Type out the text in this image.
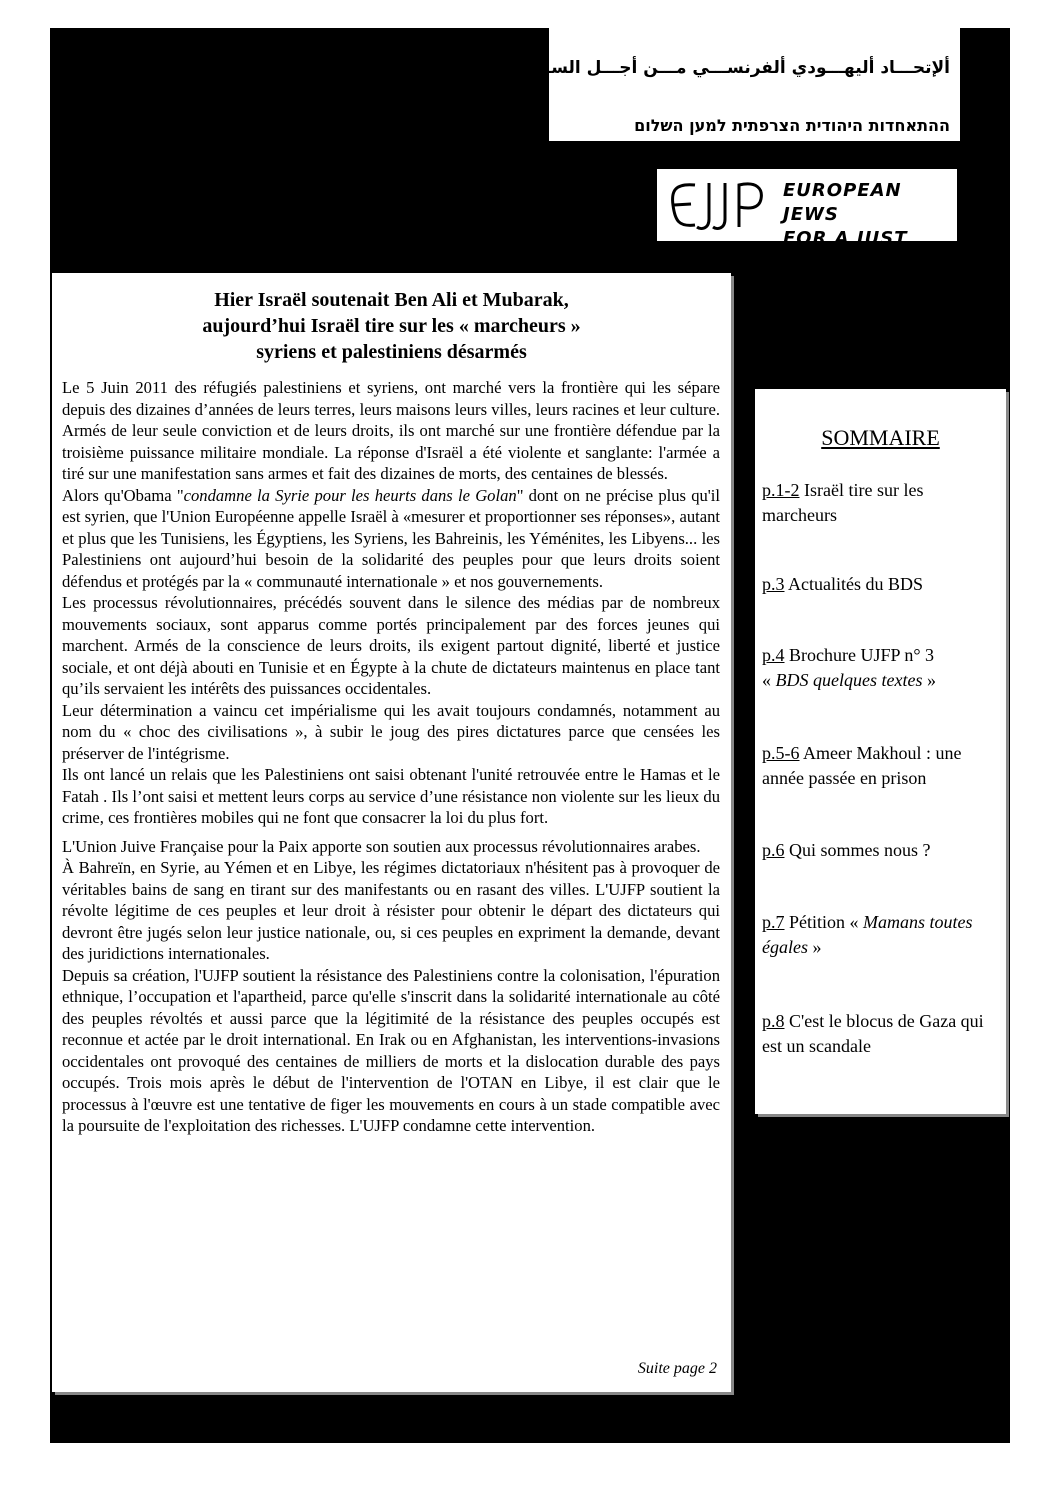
ألإتحـــاد أليهـــودي ألفرنســـي مـــن أجـــل الســـلام
ההתאחדות היהודית הצרפתית למען השלום
EUROPEAN JEWS
FOR A JUST PEACE
Hier Israël soutenait Ben Ali et Mubarak,
aujourd’hui Israël tire sur les « marcheurs »
syriens et palestiniens désarmés

Le 5 Juin 2011 des réfugiés palestiniens et syriens, ont marché vers la frontière qui les sépare depuis des dizaines d’années de leurs terres, leurs maisons leurs villes, leurs racines et leur culture. Armés de leur seule conviction et de leurs droits, ils ont marché sur une frontière défendue par la troisième puissance militaire mondiale. La réponse d'Israël a été violente et sanglante: l'armée a tiré sur une manifestation sans armes et fait des dizaines de morts, des centaines de blessés.

Alors qu'Obama "condamne la Syrie pour les heurts dans le Golan" dont on ne précise plus qu'il est syrien, que l'Union Européenne appelle Israël à «mesurer et proportionner ses réponses», autant et plus que les Tunisiens, les Égyptiens, les Syriens, les Bahreinis, les Yéménites, les Libyens... les Palestiniens ont aujourd’hui besoin de la solidarité des peuples pour que leurs droits soient défendus et protégés par la « communauté internationale » et nos gouvernements.

Les processus révolutionnaires, précédés souvent dans le silence des médias par de nombreux mouvements sociaux, sont apparus comme portés principalement par des forces jeunes qui marchent. Armés de la conscience de leurs droits, ils exigent partout dignité, liberté et justice sociale, et ont déjà abouti en Tunisie et en Égypte à la chute de dictateurs maintenus en place tant qu’ils servaient les intérêts des puissances occidentales.

Leur détermination a vaincu cet impérialisme qui les avait toujours condamnés, notamment au nom du « choc des civilisations », à subir le joug des pires dictatures parce que censées les préserver de l'intégrisme.

Ils ont lancé un relais que les Palestiniens ont saisi obtenant l'unité retrouvée entre le Hamas et le Fatah . Ils l’ont saisi et mettent leurs corps au service d’une résistance non violente sur les lieux du crime, ces frontières mobiles qui ne font que consacrer la loi du plus fort.

L'Union Juive Française pour la Paix apporte son soutien aux processus révolutionnaires arabes.

À Bahreïn, en Syrie, au Yémen et en Libye, les régimes dictatoriaux n'hésitent pas à provoquer de véritables bains de sang en tirant sur des manifestants ou en rasant des villes. L'UJFP soutient la révolte légitime de ces peuples et leur droit à résister pour obtenir le départ des dictateurs qui devront être jugés selon leur justice nationale, ou, si ces peuples en expriment la demande, devant des juridictions internationales.

Depuis sa création, l'UJFP soutient la résistance des Palestiniens contre la colonisation, l'épuration ethnique, l’occupation et l'apartheid, parce qu'elle s'inscrit dans la solidarité internationale au côté des peuples révoltés et aussi parce que la légitimité de la résistance des peuples occupés est reconnue et actée par le droit international. En Irak ou en Afghanistan, les interventions-invasions occidentales ont provoqué des centaines de milliers de morts et la dislocation durable des pays occupés. Trois mois après le début de l'intervention de l'OTAN en Libye, il est clair que le processus à l'œuvre est une tentative de figer les mouvements en cours à un stade compatible avec la poursuite de l'exploitation des richesses. L'UJFP condamne cette intervention.

Suite page 2
SOMMAIRE
p.1-2 Israël tire sur les marcheurs
p.3 Actualités du BDS
p.4 Brochure UJFP n° 3
« BDS quelques textes »
p.5-6 Ameer Makhoul : une année passée en prison
p.6 Qui sommes nous ?
p.7 Pétition « Mamans toutes égales »
p.8 C'est le blocus de Gaza qui est un scandale
